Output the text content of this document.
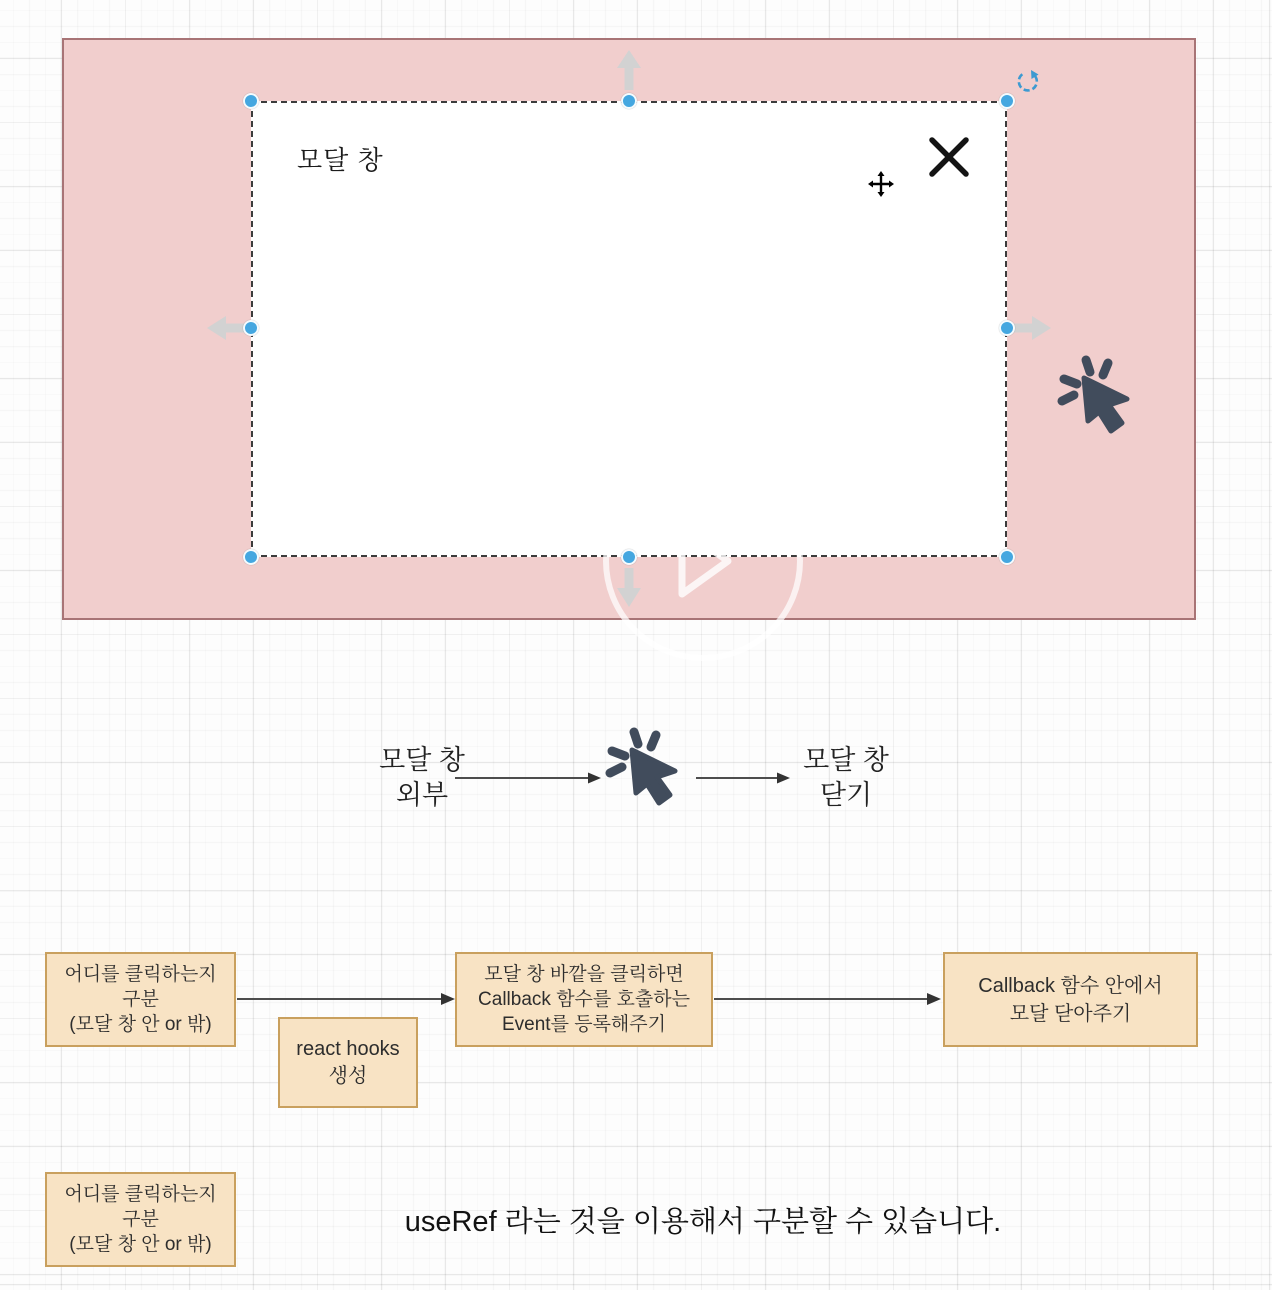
모달 창
모달 창
외부
모달 창
닫기
어디를 클릭하는지
구분
(모달 창 안 or 밖)
react hooks
생성
모달 창 바깥을 클릭하면
Callback 함수를 호출하는
Event를 등록해주기
Callback 함수 안에서
모달 닫아주기
어디를 클릭하는지
구분
(모달 창 안 or 밖)
useRef 라는 것을 이용해서 구분할 수 있습니다.
